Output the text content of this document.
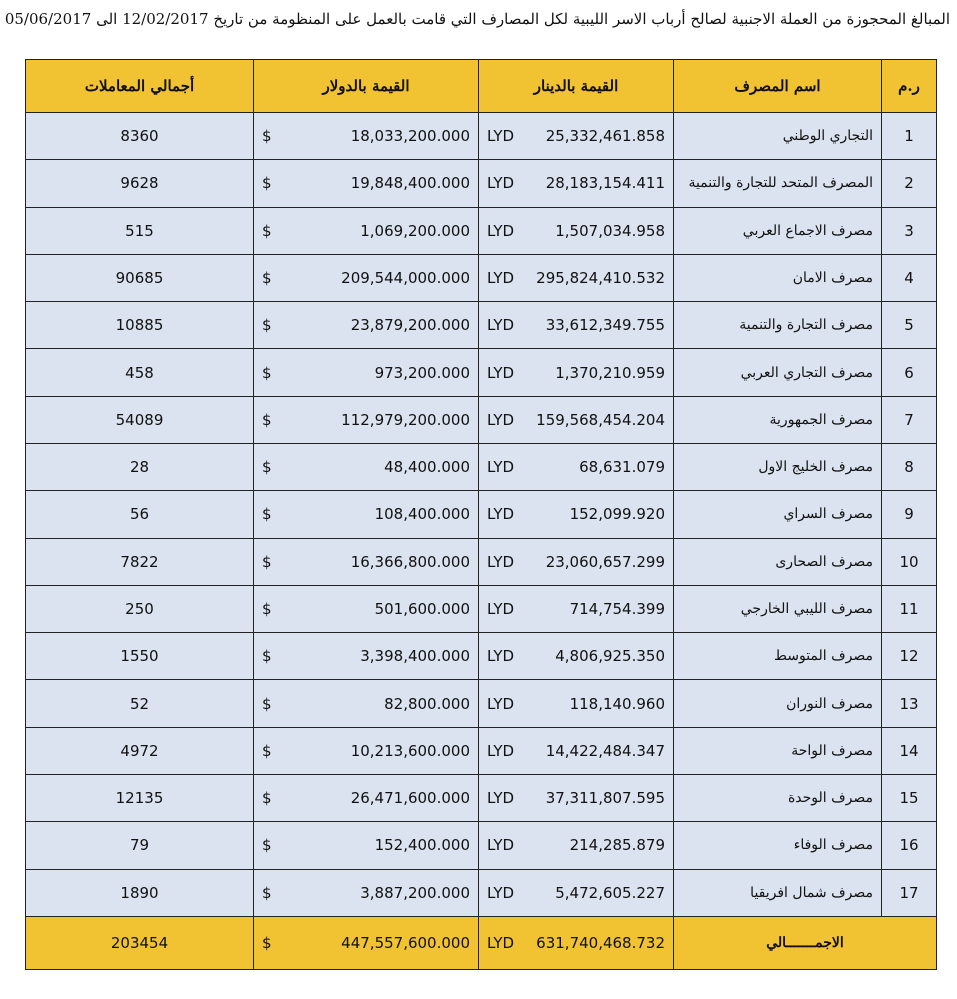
المبالغ المحجوزة من العملة الاجنبية لصالح أرباب الاسر الليبية لكل المصارف التي قامت بالعمل على المنظومة من تاريخ 12/02/2017 الى 05/06/2017
أجمالي المعاملات	القيمة بالدولار	القيمة بالدينار	اسم المصرف	ر.م
8360	$ 18,033,200.000	LYD 25,332,461.858	التجاري الوطني	1
9628	$ 19,848,400.000	LYD 28,183,154.411	المصرف المتحد للتجارة والتنمية	2
515	$ 1,069,200.000	LYD 1,507,034.958	مصرف الاجماع العربي	3
90685	$ 209,544,000.000	LYD 295,824,410.532	مصرف الامان	4
10885	$ 23,879,200.000	LYD 33,612,349.755	مصرف التجارة والتنمية	5
458	$ 973,200.000	LYD 1,370,210.959	مصرف التجاري العربي	6
54089	$ 112,979,200.000	LYD 159,568,454.204	مصرف الجمهورية	7
28	$ 48,400.000	LYD 68,631.079	مصرف الخليج الاول	8
56	$ 108,400.000	LYD 152,099.920	مصرف السراي	9
7822	$ 16,366,800.000	LYD 23,060,657.299	مصرف الصحارى	10
250	$ 501,600.000	LYD 714,754.399	مصرف الليبي الخارجي	11
1550	$ 3,398,400.000	LYD 4,806,925.350	مصرف المتوسط	12
52	$ 82,800.000	LYD 118,140.960	مصرف النوران	13
4972	$ 10,213,600.000	LYD 14,422,484.347	مصرف الواحة	14
12135	$ 26,471,600.000	LYD 37,311,807.595	مصرف الوحدة	15
79	$ 152,400.000	LYD 214,285.879	مصرف الوفاء	16
1890	$ 3,887,200.000	LYD 5,472,605.227	مصرف شمال افريقيا	17
203454	$ 447,557,600.000	LYD 631,740,468.732	الاجمـــــــالي	
